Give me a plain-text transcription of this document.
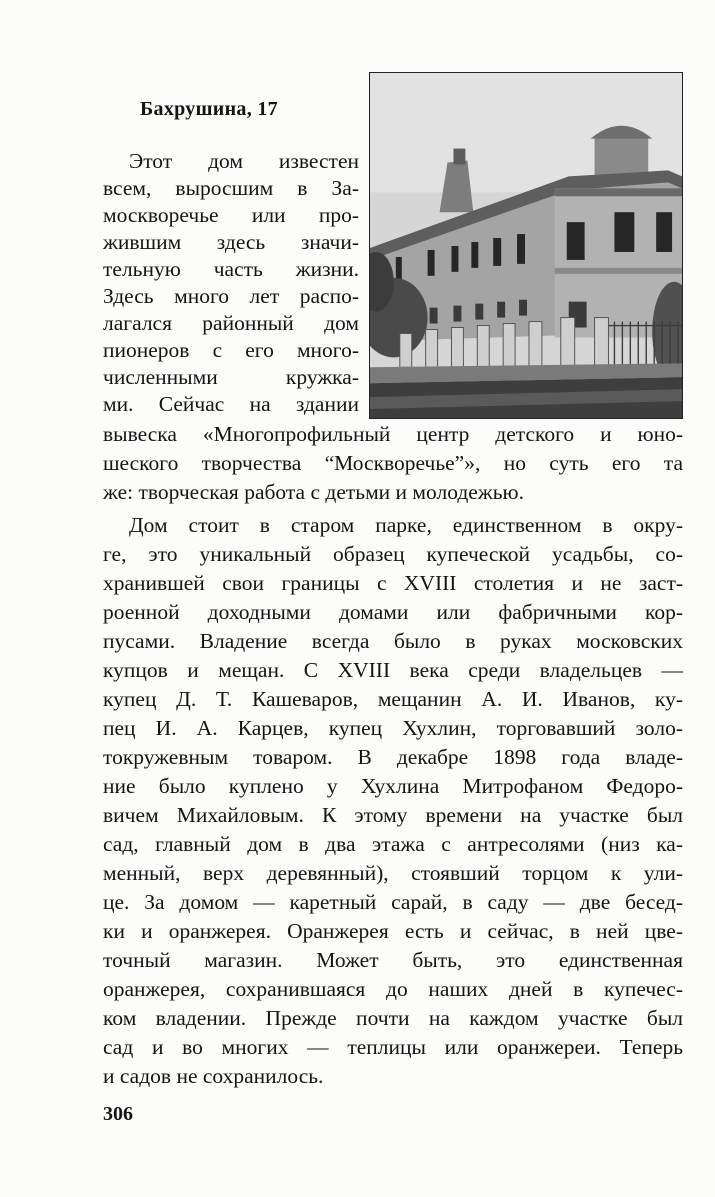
Бахрушина, 17
Этот дом известен
всем, выросшим в За-
москворечье или про-
жившим здесь значи-
тельную часть жизни.
Здесь много лет распо-
лагался районный дом
пионеров с его много-
численными кружка-
ми. Сейчас на здании
вывеска «Многопрофильный центр детского и юно-
шеского творчества “Москворечье”», но суть его та
же: творческая работа с детьми и молодежью.
Дом стоит в старом парке, единственном в окру-
ге, это уникальный образец купеческой усадьбы, со-
хранившей свои границы с XVIII столетия и не заст-
роенной доходными домами или фабричными кор-
пусами. Владение всегда было в руках московских
купцов и мещан. С XVIII века среди владельцев —
купец Д. Т. Кашеваров, мещанин А. И. Иванов, ку-
пец И. А. Карцев, купец Хухлин, торговавший золо-
токружевным товаром. В декабре 1898 года владе-
ние было куплено у Хухлина Митрофаном Федоро-
вичем Михайловым. К этому времени на участке был
сад, главный дом в два этажа с антресолями (низ ка-
менный, верх деревянный), стоявший торцом к ули-
це. За домом — каретный сарай, в саду — две бесед-
ки и оранжерея. Оранжерея есть и сейчас, в ней цве-
точный магазин. Может быть, это единственная
оранжерея, сохранившаяся до наших дней в купечес-
ком владении. Прежде почти на каждом участке был
сад и во многих — теплицы или оранжереи. Теперь
и садов не сохранилось.
306
